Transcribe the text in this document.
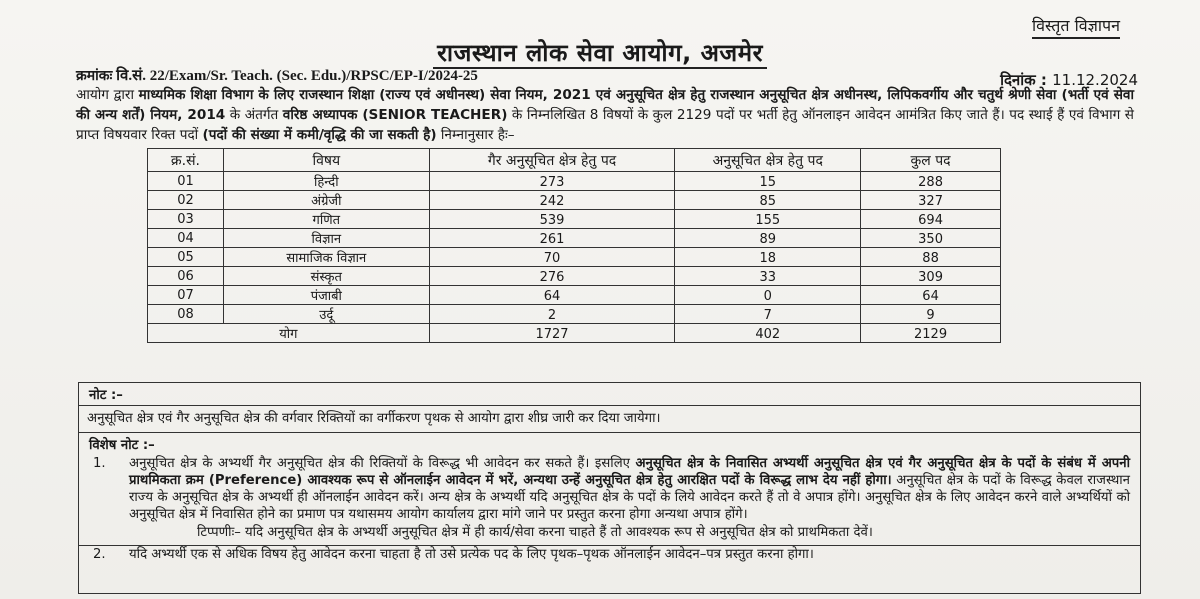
विस्तृत विज्ञापन
राजस्थान लोक सेवा आयोग, अजमेर
क्रमांकः वि.सं. 22/Exam/Sr. Teach. (Sec. Edu.)/RPSC/EP-I/2024-25	दिनांक : 11.12.2024
आयोग द्वारा माध्यमिक शिक्षा विभाग के लिए राजस्थान शिक्षा (राज्य एवं अधीनस्थ) सेवा नियम, 2021 एवं अनुसूचित क्षेत्र हेतु राजस्थान अनुसूचित क्षेत्र अधीनस्थ, लिपिकवर्गीय और चतुर्थ श्रेणी सेवा (भर्ती एवं सेवा की अन्य शर्तें) नियम, 2014 के अंतर्गत वरिष्ठ अध्यापक (SENIOR TEACHER) के निम्नलिखित 8 विषयों के कुल 2129 पदों पर भर्ती हेतु ऑनलाइन आवेदन आमंत्रित किए जाते हैं। पद स्थाई हैं एवं विभाग से प्राप्त विषयवार रिक्त पदों (पदों की संख्या में कमी/वृद्धि की जा सकती है) निम्नानुसार हैः–
क्र.सं.	विषय	गैर अनुसूचित क्षेत्र हेतु पद	अनुसूचित क्षेत्र हेतु पद	कुल पद
01	हिन्दी	273	15	288
02	अंग्रेजी	242	85	327
03	गणित	539	155	694
04	विज्ञान	261	89	350
05	सामाजिक विज्ञान	70	18	88
06	संस्कृत	276	33	309
07	पंजाबी	64	0	64
08	उर्दू	2	7	9
योग		1727	402	2129
नोट :–
अनुसूचित क्षेत्र एवं गैर अनुसूचित क्षेत्र की वर्गवार रिक्तियों का वर्गीकरण पृथक से आयोग द्वारा शीघ्र जारी कर दिया जायेगा।
विशेष नोट :–
1. अनुसूचित क्षेत्र के अभ्यर्थी गैर अनुसूचित क्षेत्र की रिक्तियों के विरूद्ध भी आवेदन कर सकते हैं। इसलिए अनुसूचित क्षेत्र के निवासित अभ्यर्थी अनुसूचित क्षेत्र एवं गैर अनुसूचित क्षेत्र के पदों के संबंध में अपनी प्राथमिकता क्रम (Preference) आवश्यक रूप से ऑनलाईन आवेदन में भरें, अन्यथा उन्हें अनुसूचित क्षेत्र हेतु आरक्षित पदों के विरूद्ध लाभ देय नहीं होगा। अनुसूचित क्षेत्र के पदों के विरूद्ध केवल राजस्थान राज्य के अनुसूचित क्षेत्र के अभ्यर्थी ही ऑनलाईन आवेदन करें। अन्य क्षेत्र के अभ्यर्थी यदि अनुसूचित क्षेत्र के पदों के लिये आवेदन करते हैं तो वे अपात्र होंगे। अनुसूचित क्षेत्र के लिए आवेदन करने वाले अभ्यर्थियों को अनुसूचित क्षेत्र में निवासित होने का प्रमाण पत्र यथासमय आयोग कार्यालय द्वारा मांगे जाने पर प्रस्तुत करना होगा अन्यथा अपात्र होंगे।
टिप्पणीः– यदि अनुसूचित क्षेत्र के अभ्यर्थी अनुसूचित क्षेत्र में ही कार्य/सेवा करना चाहते हैं तो आवश्यक रूप से अनुसूचित क्षेत्र को प्राथमिकता देवें।
2. यदि अभ्यर्थी एक से अधिक विषय हेतु आवेदन करना चाहता है तो उसे प्रत्येक पद के लिए पृथक–पृथक ऑनलाईन आवेदन–पत्र प्रस्तुत करना होगा।
